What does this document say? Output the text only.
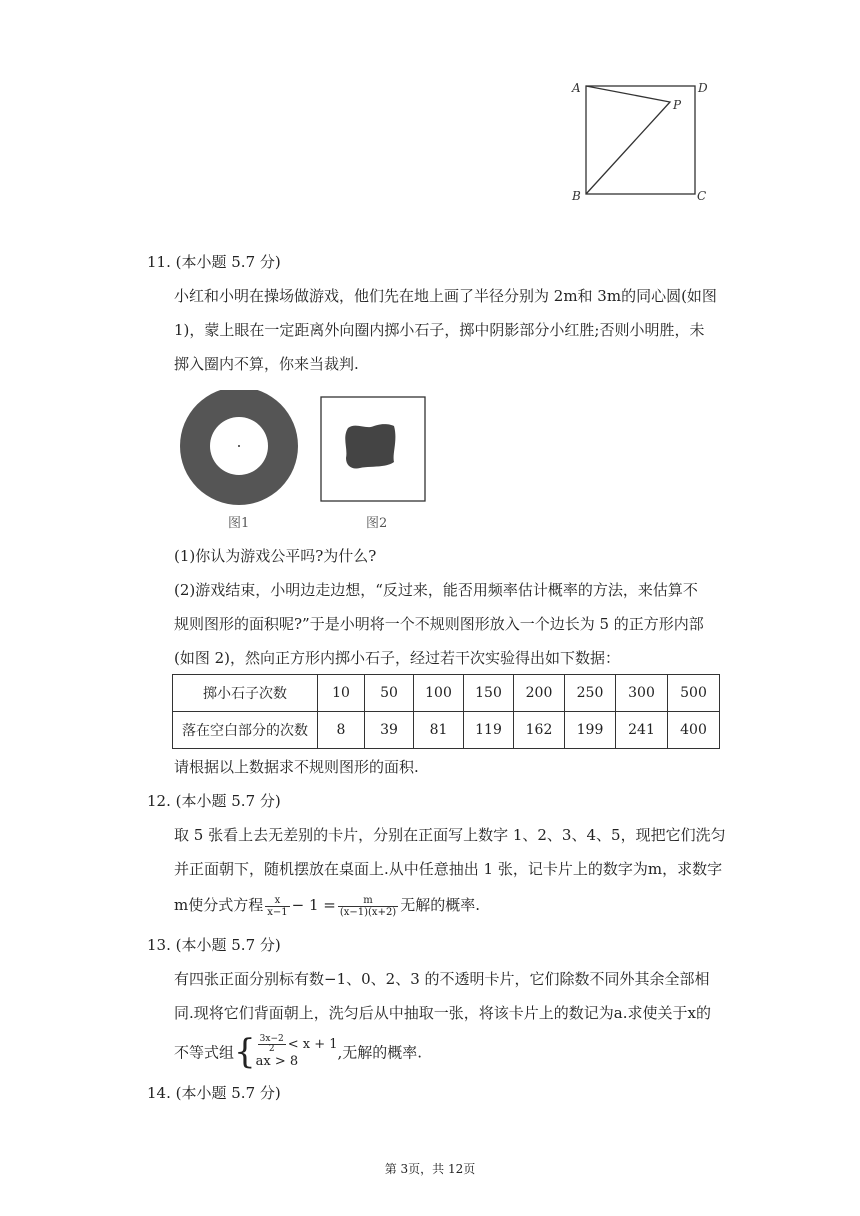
A	D
P
B	C
11. (本小题 5.7 分)
小红和小明在操场做游戏，他们先在地上画了半径分别为 2m和 3m的同心圆(如图
1)，蒙上眼在一定距离外向圈内掷小石子，掷中阴影部分小红胜;否则小明胜，未
掷入圈内不算，你来当裁判.
图1	图2
(1)你认为游戏公平吗?为什么?
(2)游戏结束，小明边走边想，“反过来，能否用频率估计概率的方法，来估算不
规则图形的面积呢?”于是小明将一个不规则图形放入一个边长为 5 的正方形内部
(如图 2)，然向正方形内掷小石子，经过若干次实验得出如下数据：
掷小石子次数	10	50	100	150	200	250	300	500
落在空白部分的次数	8	39	81	119	162	199	241	400
请根据以上数据求不规则图形的面积.
12. (本小题 5.7 分)
取 5 张看上去无差别的卡片，分别在正面写上数字 1、2、3、4、5，现把它们洗匀
并正面朝下，随机摆放在桌面上.从中任意抽出 1 张，记卡片上的数字为m，求数字
m使分式方程 $\frac{x}{x-1} - 1 = \frac{m}{(x-1)(x+2)}$ 无解的概率.
13. (本小题 5.7 分)
有四张正面分别标有数−1、0、2、3 的不透明卡片，它们除数不同外其余全部相
同.现将它们背面朝上，洗匀后从中抽取一张，将该卡片上的数记为a.求使关于x的
不等式组{ $\frac{3x-2}{2} < x + 1$
ax > 8	,无解的概率.
14. (本小题 5.7 分)
第 3页，共 12页
